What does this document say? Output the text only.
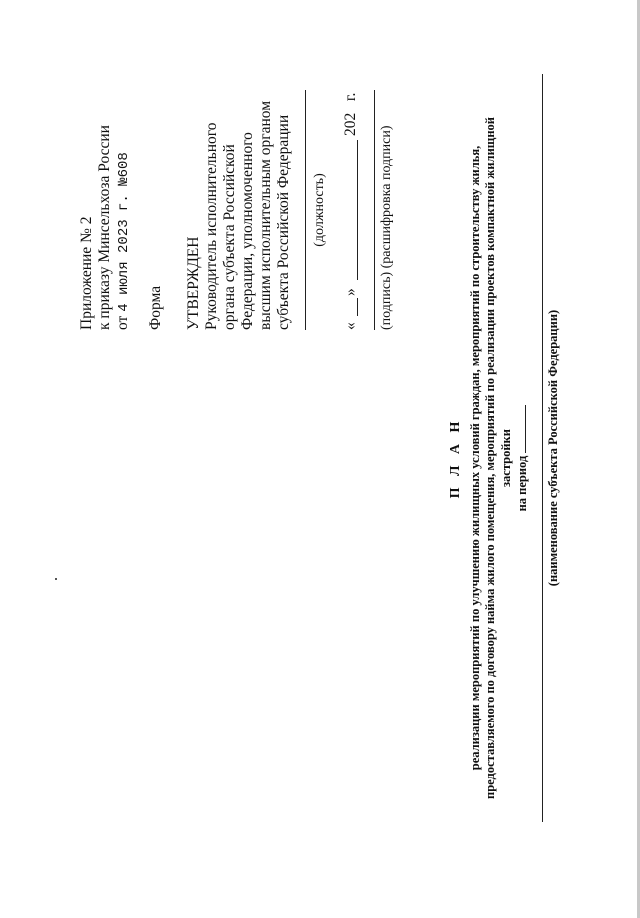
Приложение № 2 к приказу Минсельхоза России от 4 июля 2023 г. №608 Форма УТВЕРЖДЕН Руководитель исполнительного органа субъекта Российской Федерации, уполномоченного высшим исполнительным органом субъекта Российской Федерации (должность)
«
»
202   г.
(подпись) (расшифровка подписи)
П Л А Н реализации мероприятий по улучшению жилищных условий граждан, мероприятий по строительству жилья, предоставляемого по договору найма жилого помещения, мероприятий по реализации проектов компактной жилищной застройки на период (наименование субъекта Российской Федерации)
